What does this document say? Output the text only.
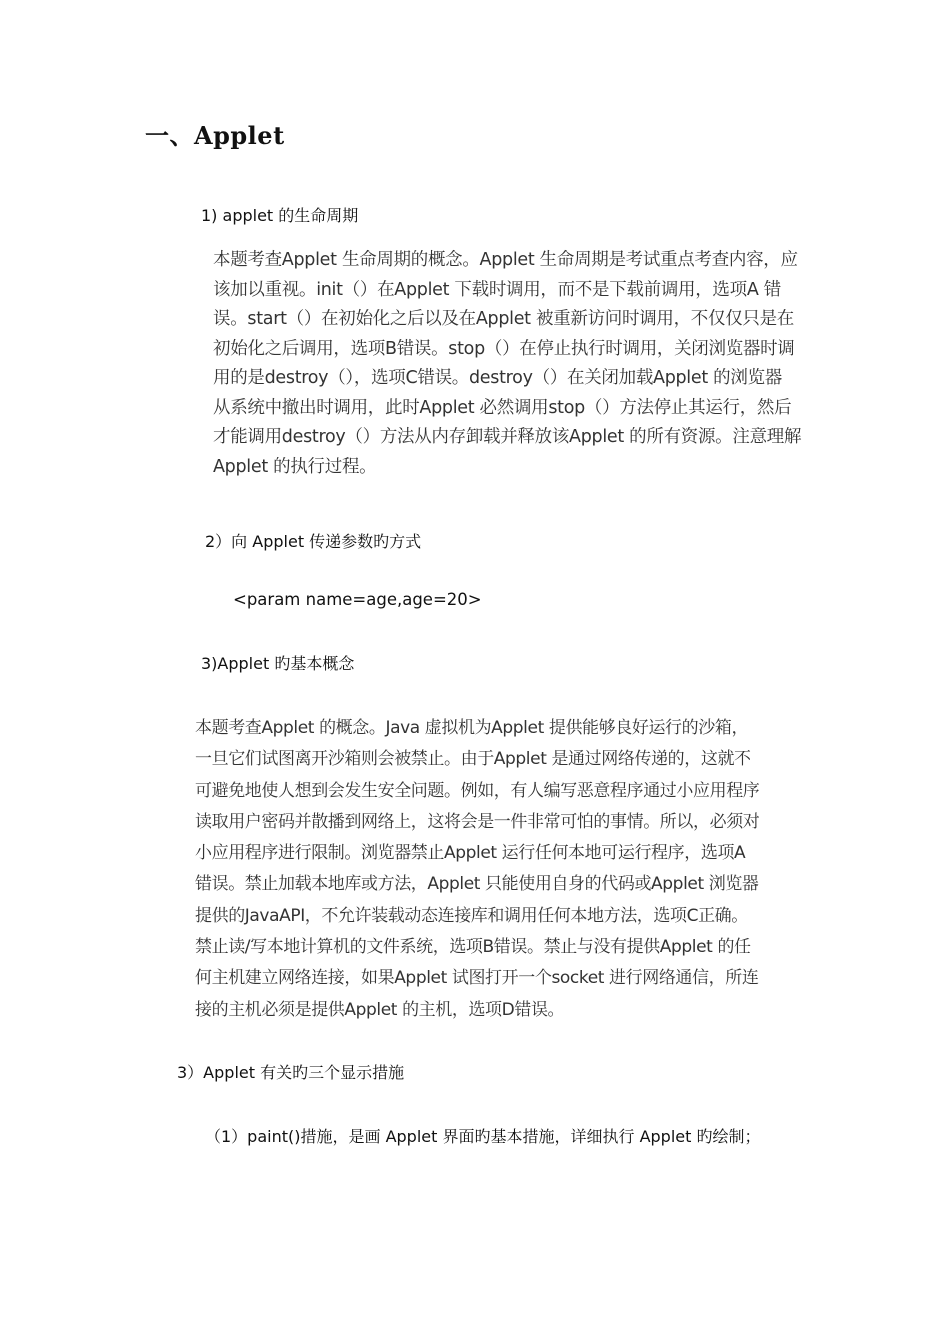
一、Applet
1) applet 的生命周期
本题考查Applet 生命周期的概念。Applet 生命周期是考试重点考查内容，应
该加以重视。init（）在Applet 下载时调用，而不是下载前调用，选项A 错
误。start（）在初始化之后以及在Applet 被重新访问时调用，不仅仅只是在
初始化之后调用，选项B错误。stop（）在停止执行时调用，关闭浏览器时调
用的是destroy（），选项C错误。destroy（）在关闭加载Applet 的浏览器
从系统中撤出时调用，此时Applet 必然调用stop（）方法停止其运行，然后
才能调用destroy（）方法从内存卸载并释放该Applet 的所有资源。注意理解
Applet 的执行过程。
2）向 Applet 传递参数旳方式
<param name=age,age=20>
3)Applet 旳基本概念
本题考查Applet 的概念。Java 虚拟机为Applet 提供能够良好运行的沙箱，
一旦它们试图离开沙箱则会被禁止。由于Applet 是通过网络传递的，这就不
可避免地使人想到会发生安全问题。例如，有人编写恶意程序通过小应用程序
读取用户密码并散播到网络上，这将会是一件非常可怕的事情。所以，必须对
小应用程序进行限制。浏览器禁止Applet 运行任何本地可运行程序，选项A
错误。禁止加载本地库或方法，Applet 只能使用自身的代码或Applet 浏览器
提供的JavaAPI，不允许装载动态连接库和调用任何本地方法，选项C正确。
禁止读/写本地计算机的文件系统，选项B错误。禁止与没有提供Applet 的任
何主机建立网络连接，如果Applet 试图打开一个socket 进行网络通信，所连
接的主机必须是提供Applet 的主机，选项D错误。
3）Applet 有关旳三个显示措施
（1）paint()措施，是画 Applet 界面旳基本措施，详细执行 Applet 旳绘制；
